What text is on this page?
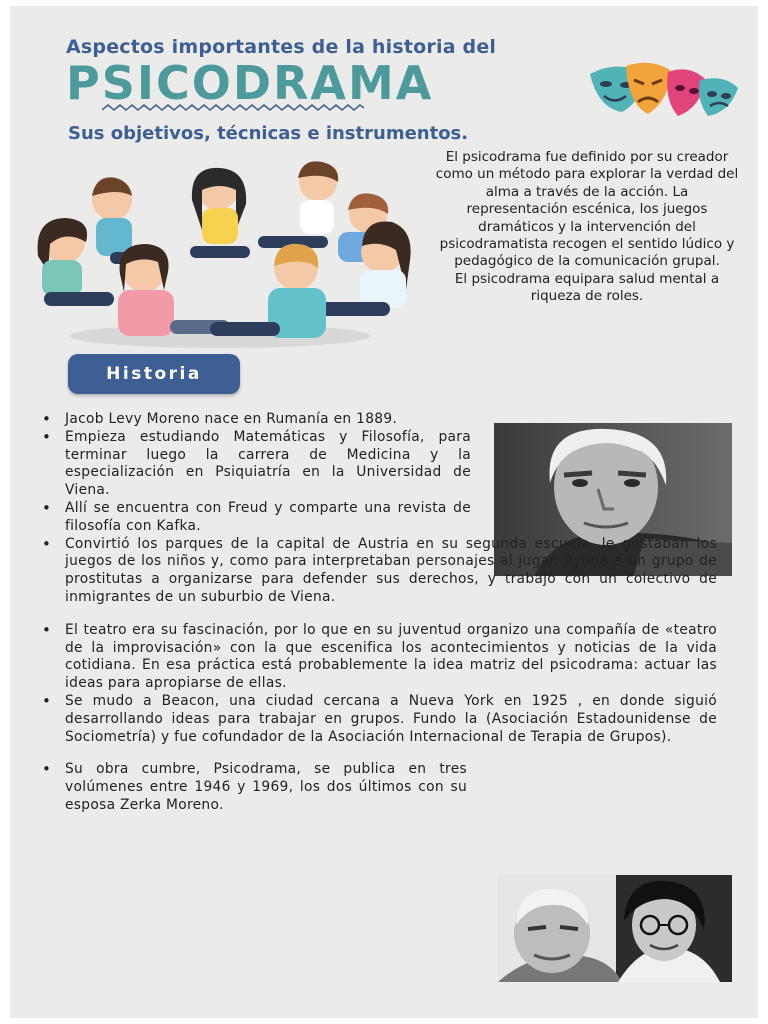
Aspectos importantes de la historia del
PSICODRAMA
Sus objetivos, técnicas e instrumentos.

El psicodrama fue definido por su creador como un método para explorar la verdad del alma a través de la acción. La representación escénica, los juegos dramáticos y la intervención del psicodramatista recogen el sentido lúdico y pedagógico de la comunicación grupal.

El psicodrama equipara salud mental a riqueza de roles.

Historia
• Jacob Levy Moreno nace en Rumanía en 1889.
• Empieza estudiando Matemáticas y Filosofía, para terminar luego la carrera de Medicina y la especialización en Psiquiatría en la Universidad de Viena.
• Allí se encuentra con Freud y comparte una revista de filosofía con Kafka.
• Convirtió los parques de la capital de Austria en su segunda escuela, le gustaban los juegos de los niños y, como para interpretaban personajes al jugar. Ayuda a un grupo de prostitutas a organizarse para defender sus derechos, y trabajo con un colectivo de inmigrantes de un suburbio de Viena.
• El teatro era su fascinación, por lo que en su juventud organizo una compañía de «teatro de la improvisación» con la que escenifica los acontecimientos y noticias de la vida cotidiana. En esa práctica está probablemente la idea matriz del psicodrama: actuar las ideas para apropiarse de ellas.
• Se mudo a Beacon, una ciudad cercana a Nueva York en 1925 , en donde siguió desarrollando ideas para trabajar en grupos. Fundo la (Asociación Estadounidense de Sociometría) y fue cofundador de la Asociación Internacional de Terapia de Grupos).
• Su obra cumbre, Psicodrama, se publica en tres volúmenes entre 1946 y 1969, los dos últimos con su esposa Zerka Moreno.
